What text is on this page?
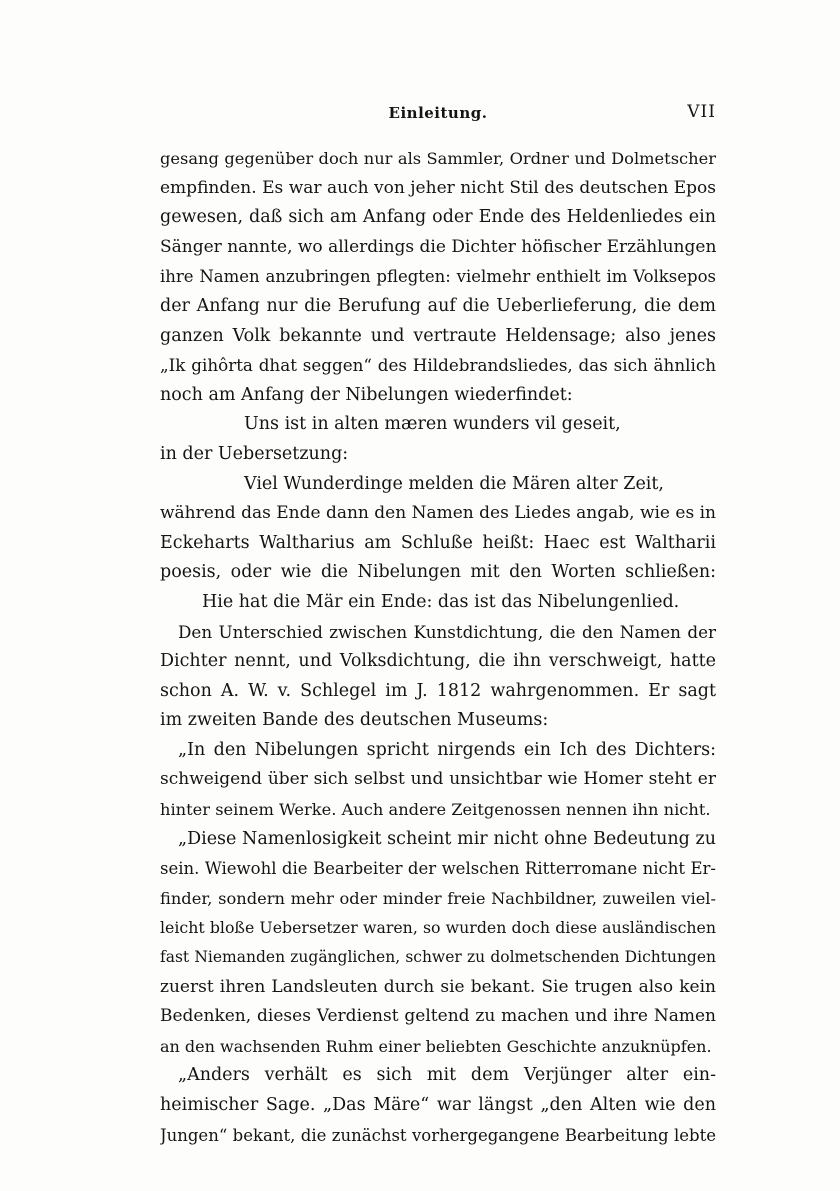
Einleitung.	VII
gesang gegenüber doch nur als Sammler, Ordner und Dolmetscher
empfinden. Es war auch von jeher nicht Stil des deutschen Epos
gewesen, daß sich am Anfang oder Ende des Heldenliedes ein
Sänger nannte, wo allerdings die Dichter höfischer Erzählungen
ihre Namen anzubringen pflegten: vielmehr enthielt im Volksepos
der Anfang nur die Berufung auf die Ueberlieferung, die dem
ganzen Volk bekannte und vertraute Heldensage; also jenes
„Ik gihôrta dhat seggen“ des Hildebrandsliedes, das sich ähnlich
noch am Anfang der Nibelungen wiederfindet:
Uns ist in alten mæren wunders vil geseit,
in der Uebersetzung:
Viel Wunderdinge melden die Mären alter Zeit,
während das Ende dann den Namen des Liedes angab, wie es in
Eckeharts Waltharius am Schluße heißt: Haec est Waltharii
poesis, oder wie die Nibelungen mit den Worten schließen:
Hie hat die Mär ein Ende: das ist das Nibelungenlied.
Den Unterschied zwischen Kunstdichtung, die den Namen der
Dichter nennt, und Volksdichtung, die ihn verschweigt, hatte
schon A. W. v. Schlegel im J. 1812 wahrgenommen. Er sagt
im zweiten Bande des deutschen Museums:
„In den Nibelungen spricht nirgends ein Ich des Dichters:
schweigend über sich selbst und unsichtbar wie Homer steht er
hinter seinem Werke. Auch andere Zeitgenossen nennen ihn nicht.
„Diese Namenlosigkeit scheint mir nicht ohne Bedeutung zu
sein. Wiewohl die Bearbeiter der welschen Ritterromane nicht Er-
finder, sondern mehr oder minder freie Nachbildner, zuweilen viel-
leicht bloße Uebersetzer waren, so wurden doch diese ausländischen
fast Niemanden zugänglichen, schwer zu dolmetschenden Dichtungen
zuerst ihren Landsleuten durch sie bekant. Sie trugen also kein
Bedenken, dieses Verdienst geltend zu machen und ihre Namen
an den wachsenden Ruhm einer beliebten Geschichte anzuknüpfen.
„Anders verhält es sich mit dem Verjünger alter ein-
heimischer Sage. „Das Märe“ war längst „den Alten wie den
Jungen“ bekant, die zunächst vorhergegangene Bearbeitung lebte
